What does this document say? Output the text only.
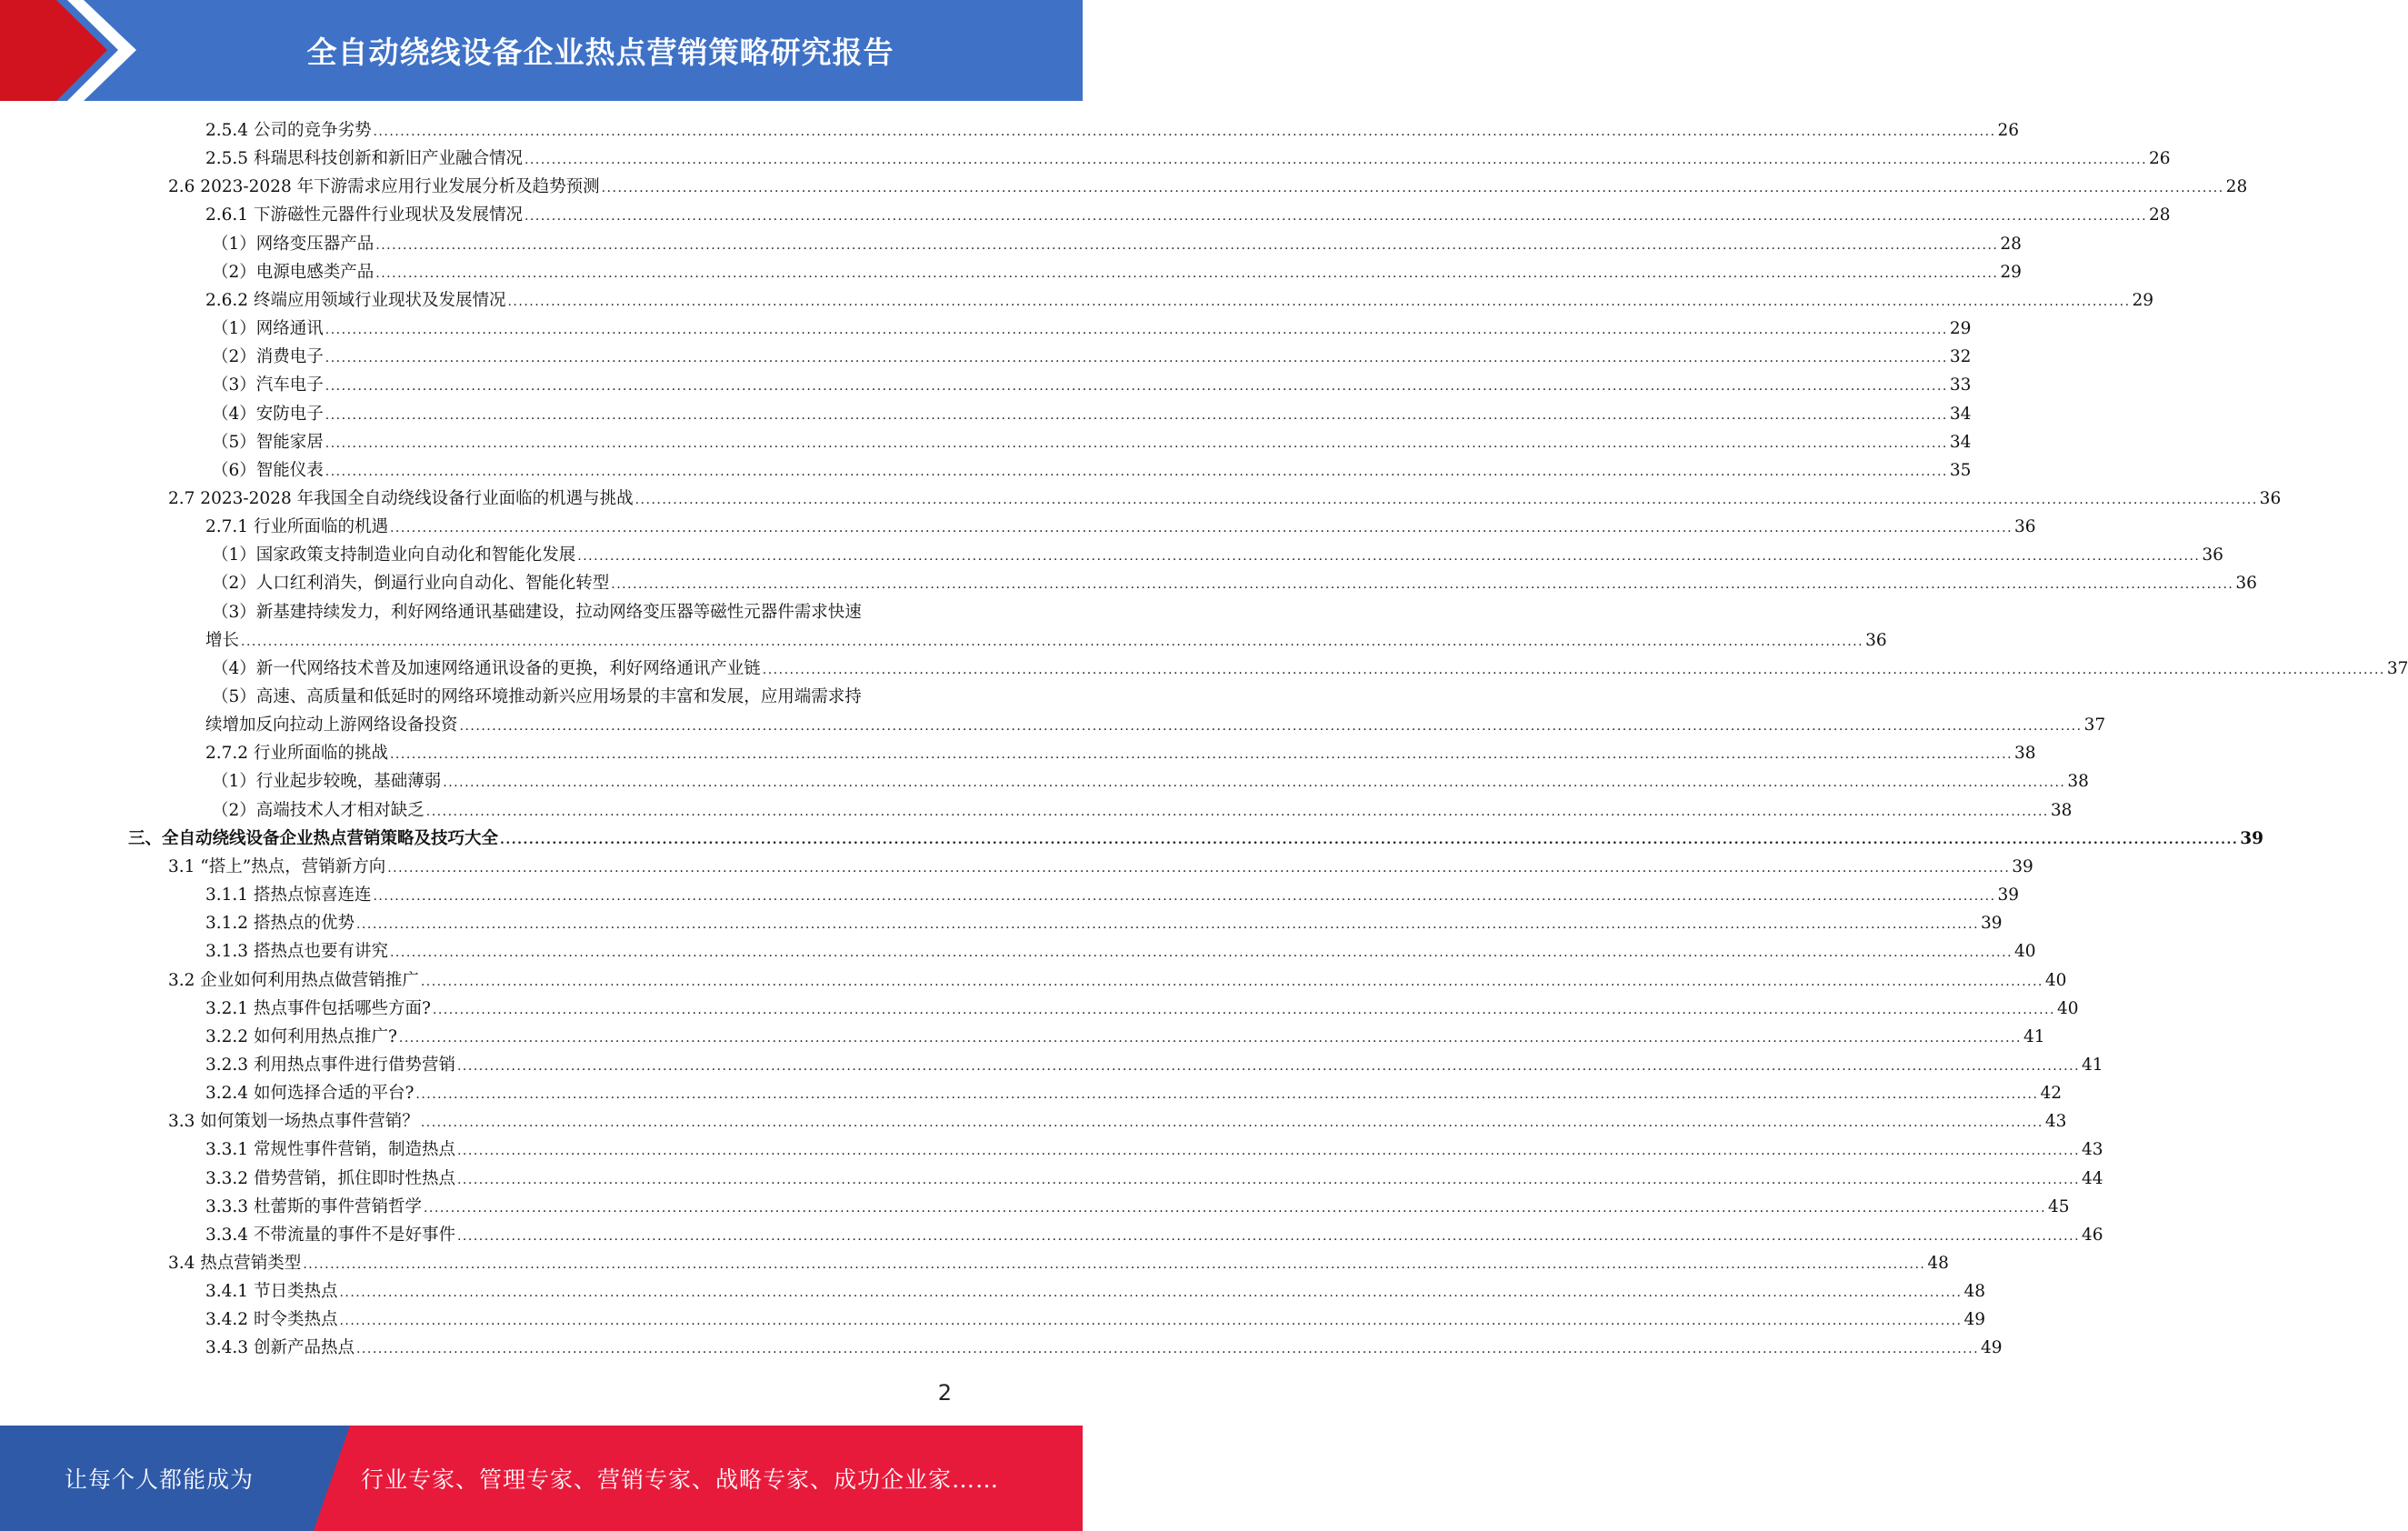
全自动绕线设备企业热点营销策略研究报告
2.5.4 公司的竞争劣势 ............................................................................................................................................................................................................................................................................................................ 26
2.5.5 科瑞思科技创新和新旧产业融合情况 ............................................................................................................................................................................................................................................................................................................ 26
2.6 2023-2028 年下游需求应用行业发展分析及趋势预测 ............................................................................................................................................................................................................................................................................................................ 28
2.6.1 下游磁性元器件行业现状及发展情况 ............................................................................................................................................................................................................................................................................................................ 28
（1）网络变压器产品 ............................................................................................................................................................................................................................................................................................................ 28
（2）电源电感类产品 ............................................................................................................................................................................................................................................................................................................ 29
2.6.2 终端应用领域行业现状及发展情况 ............................................................................................................................................................................................................................................................................................................ 29
（1）网络通讯 ............................................................................................................................................................................................................................................................................................................ 29
（2）消费电子 ............................................................................................................................................................................................................................................................................................................ 32
（3）汽车电子 ............................................................................................................................................................................................................................................................................................................ 33
（4）安防电子 ............................................................................................................................................................................................................................................................................................................ 34
（5）智能家居 ............................................................................................................................................................................................................................................................................................................ 34
（6）智能仪表 ............................................................................................................................................................................................................................................................................................................ 35
2.7 2023-2028 年我国全自动绕线设备行业面临的机遇与挑战 ............................................................................................................................................................................................................................................................................................................ 36
2.7.1 行业所面临的机遇 ............................................................................................................................................................................................................................................................................................................ 36
（1）国家政策支持制造业向自动化和智能化发展 ............................................................................................................................................................................................................................................................................................................ 36
（2）人口红利消失，倒逼行业向自动化、智能化转型 ............................................................................................................................................................................................................................................................................................................ 36
（3）新基建持续发力，利好网络通讯基础建设，拉动网络变压器等磁性元器件需求快速
增长 ............................................................................................................................................................................................................................................................................................................ 36
（4）新一代网络技术普及加速网络通讯设备的更换，利好网络通讯产业链 ............................................................................................................................................................................................................................................................................................................ 37
（5）高速、高质量和低延时的网络环境推动新兴应用场景的丰富和发展，应用端需求持
续增加反向拉动上游网络设备投资 ............................................................................................................................................................................................................................................................................................................ 37
2.7.2 行业所面临的挑战 ............................................................................................................................................................................................................................................................................................................ 38
（1）行业起步较晚，基础薄弱 ............................................................................................................................................................................................................................................................................................................ 38
（2）高端技术人才相对缺乏 ............................................................................................................................................................................................................................................................................................................ 38
三、全自动绕线设备企业热点营销策略及技巧大全 ............................................................................................................................................................................................................................................................................................................ 39
3.1 “搭上”热点，营销新方向 ............................................................................................................................................................................................................................................................................................................ 39
3.1.1 搭热点惊喜连连 ............................................................................................................................................................................................................................................................................................................ 39
3.1.2 搭热点的优势 ............................................................................................................................................................................................................................................................................................................ 39
3.1.3 搭热点也要有讲究 ............................................................................................................................................................................................................................................................................................................ 40
3.2 企业如何利用热点做营销推广 ............................................................................................................................................................................................................................................................................................................ 40
3.2.1 热点事件包括哪些方面? ............................................................................................................................................................................................................................................................................................................ 40
3.2.2 如何利用热点推广? ............................................................................................................................................................................................................................................................................................................ 41
3.2.3 利用热点事件进行借势营销 ............................................................................................................................................................................................................................................................................................................ 41
3.2.4 如何选择合适的平台? ............................................................................................................................................................................................................................................................................................................ 42
3.3 如何策划一场热点事件营销？ ............................................................................................................................................................................................................................................................................................................ 43
3.3.1 常规性事件营销，制造热点 ............................................................................................................................................................................................................................................................................................................ 43
3.3.2 借势营销，抓住即时性热点 ............................................................................................................................................................................................................................................................................................................ 44
3.3.3 杜蕾斯的事件营销哲学 ............................................................................................................................................................................................................................................................................................................ 45
3.3.4 不带流量的事件不是好事件 ............................................................................................................................................................................................................................................................................................................ 46
3.4 热点营销类型 ............................................................................................................................................................................................................................................................................................................ 48
3.4.1 节日类热点 ............................................................................................................................................................................................................................................................................................................ 48
3.4.2 时令类热点 ............................................................................................................................................................................................................................................................................................................ 49
3.4.3 创新产品热点 ............................................................................................................................................................................................................................................................................................................ 49
2
让每个人都能成为	行业专家、管理专家、营销专家、战略专家、成功企业家……
